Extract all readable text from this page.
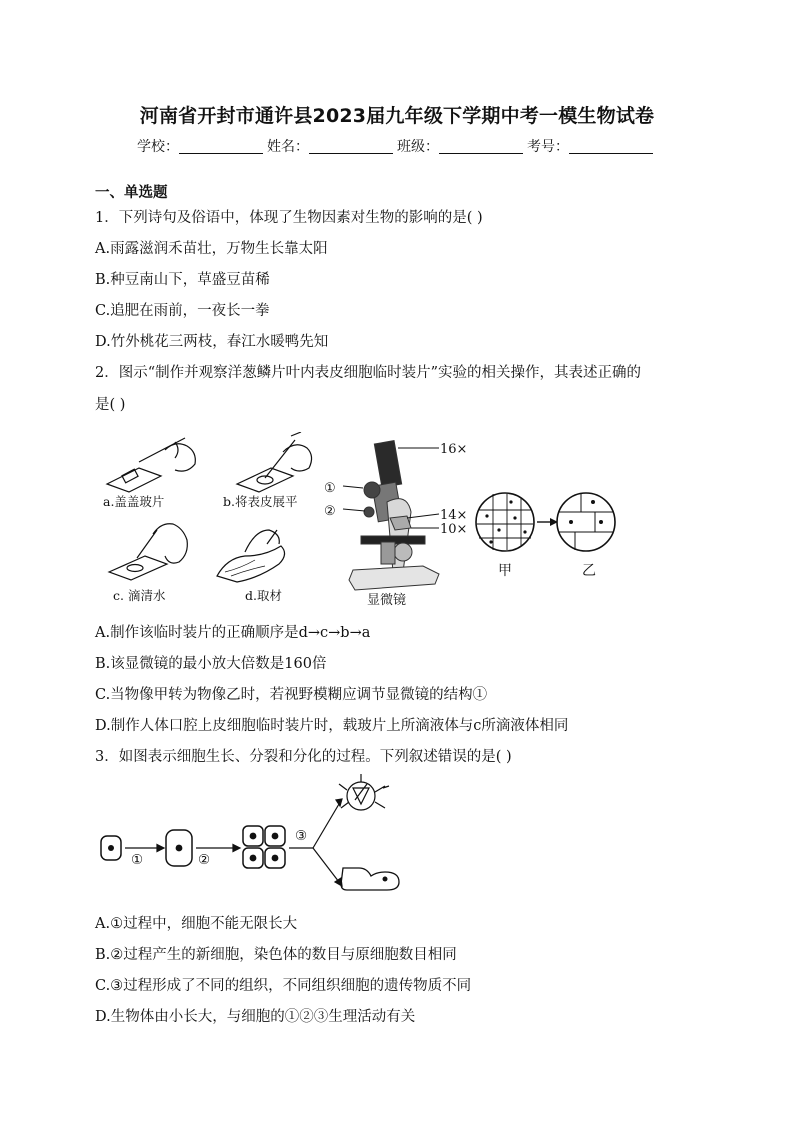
河南省开封市通许县2023届九年级下学期中考一模生物试卷
学校：	姓名：	班级：	考号：
一、单选题
1．下列诗句及俗语中，体现了生物因素对生物的影响的是( )
A.雨露滋润禾苗壮，万物生长靠太阳
B.种豆南山下，草盛豆苗稀
C.追肥在雨前，一夜长一拳
D.竹外桃花三两枝，春江水暖鸭先知
2．图示“制作并观察洋葱鳞片叶内表皮细胞临时装片”实验的相关操作，其表述正确的
是( )
a.盖盖玻片	b.将表皮展平
c. 滴清水	d.取材
16×
①
②	14×
10×
显微镜
甲	乙
A.制作该临时装片的正确顺序是d→c→b→a
B.该显微镜的最小放大倍数是160倍
C.当物像甲转为物像乙时，若视野模糊应调节显微镜的结构①
D.制作人体口腔上皮细胞临时装片时，载玻片上所滴液体与c所滴液体相同
3．如图表示细胞生长、分裂和分化的过程。下列叙述错误的是( )
①	②
③
A.①过程中，细胞不能无限长大
B.②过程产生的新细胞，染色体的数目与原细胞数目相同
C.③过程形成了不同的组织，不同组织细胞的遗传物质不同
D.生物体由小长大，与细胞的①②③生理活动有关
